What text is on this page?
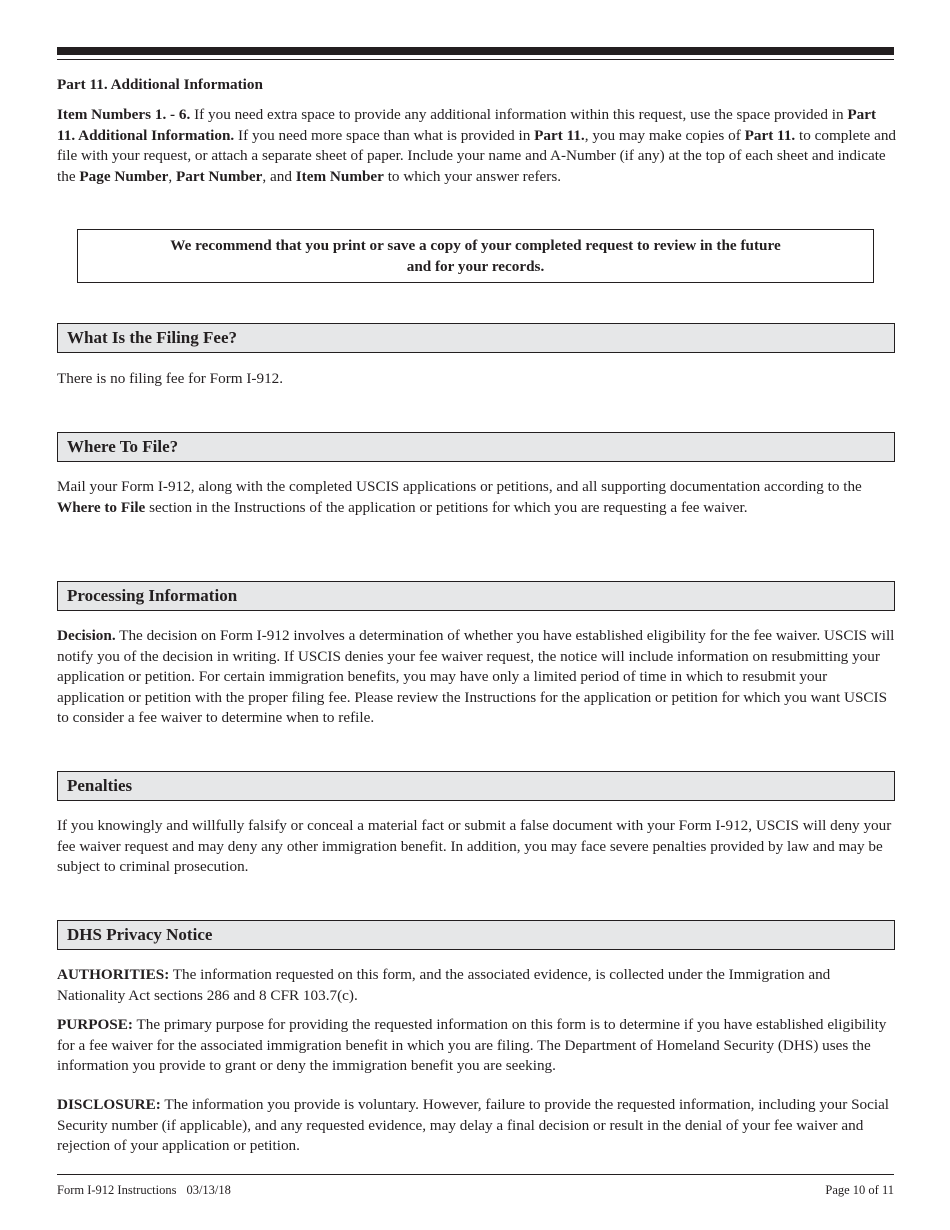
Part 11. Additional Information

Item Numbers 1. - 6. If you need extra space to provide any additional information within this request, use the space provided in Part 11. Additional Information. If you need more space than what is provided in Part 11., you may make copies of Part 11. to complete and file with your request, or attach a separate sheet of paper. Include your name and A-Number (if any) at the top of each sheet and indicate the Page Number, Part Number, and Item Number to which your answer refers.

We recommend that you print or save a copy of your completed request to review in the future
and for your records.
What Is the Filing Fee?

There is no filing fee for Form I-912.

Where To File?

Mail your Form I-912, along with the completed USCIS applications or petitions, and all supporting documentation according to the Where to File section in the Instructions of the application or petitions for which you are requesting a fee waiver.

Processing Information

Decision. The decision on Form I-912 involves a determination of whether you have established eligibility for the fee waiver. USCIS will notify you of the decision in writing. If USCIS denies your fee waiver request, the notice will include information on resubmitting your application or petition. For certain immigration benefits, you may have only a limited period of time in which to resubmit your application or petition with the proper filing fee. Please review the Instructions for the application or petition for which you want USCIS to consider a fee waiver to determine when to refile.

Penalties

If you knowingly and willfully falsify or conceal a material fact or submit a false document with your Form I-912, USCIS will deny your fee waiver request and may deny any other immigration benefit. In addition, you may face severe penalties provided by law and may be subject to criminal prosecution.

DHS Privacy Notice

AUTHORITIES: The information requested on this form, and the associated evidence, is collected under the Immigration and Nationality Act sections 286 and 8 CFR 103.7(c).

PURPOSE: The primary purpose for providing the requested information on this form is to determine if you have established eligibility for a fee waiver for the associated immigration benefit in which you are filing. The Department of Homeland Security (DHS) uses the information you provide to grant or deny the immigration benefit you are seeking.

DISCLOSURE: The information you provide is voluntary. However, failure to provide the requested information, including your Social Security number (if applicable), and any requested evidence, may delay a final decision or result in the denial of your fee waiver and rejection of your application or petition.

Form I-912 Instructions 03/13/18	Page 10 of 11
